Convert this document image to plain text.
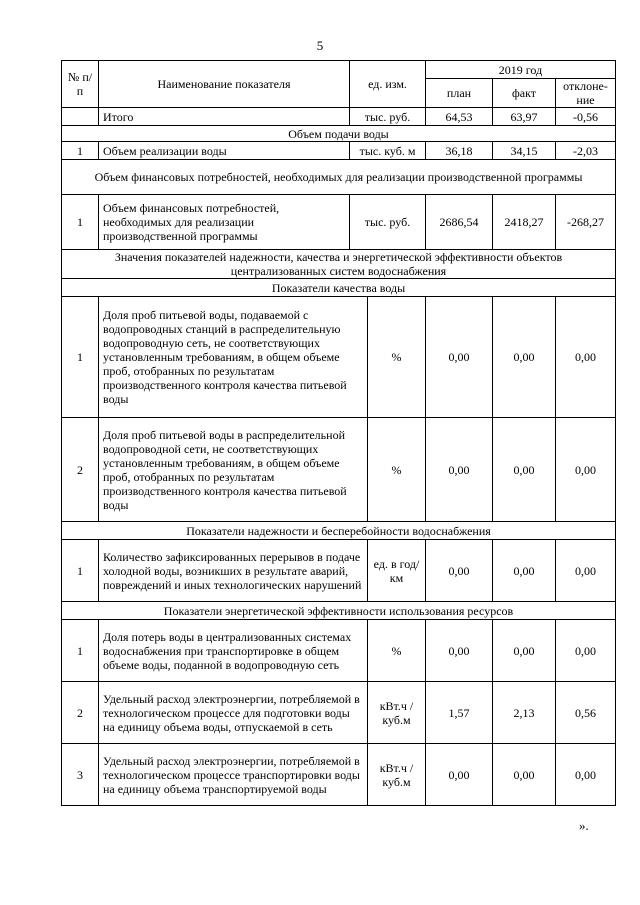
5
№ п/п	Наименование показателя	ед. изм.		2019 год		
				план	факт	отклоне-ние

	Итого	тыс. руб.		64,53	63,97	-0,56
Объем подачи воды						
1	Объем реализации воды	тыс. куб. м		36,18	34,15	-2,03
Объем финансовых потребностей, необходимых для реализации производственной программы						
1	Объем финансовых потребностей, необходимых для реализации производственной программы	тыс. руб.		2686,54	2418,27	-268,27
Значения показателей надежности, качества и энергетической эффективности объектов централизованных систем водоснабжения						
Показатели качества воды						
1	Доля проб питьевой воды, подаваемой с водопроводных станций в распределительную водопроводную сеть, не соответствующих установленным требованиям, в общем объеме проб, отобранных по результатам производственного контроля качества питьевой воды		%	0,00	0,00	0,00
2	Доля проб питьевой воды в распределительной водопроводной сети, не соответствующих установленным требованиям, в общем объеме проб, отобранных по результатам производственного контроля качества питьевой воды		%	0,00	0,00	0,00
Показатели надежности и бесперебойности водоснабжения						
1	Количество зафиксированных перерывов в подаче холодной воды, возникших в результате аварий, повреждений и иных технологических нарушений		ед. в год/ км	0,00	0,00	0,00
Показатели энергетической эффективности использования ресурсов						
1	Доля потерь воды в централизованных системах водоснабжения при транспортировке в общем объеме воды, поданной в водопроводную сеть		%	0,00	0,00	0,00
2	Удельный расход электроэнергии, потребляемой в технологическом процессе для подготовки воды на единицу объема воды, отпускаемой в сеть		кВт.ч / куб.м	1,57	2,13	0,56
3	Удельный расход электроэнергии, потребляемой в технологическом процессе транспортировки воды на единицу объема транспортируемой воды		кВт.ч / куб.м	0,00	0,00	0,00
».
